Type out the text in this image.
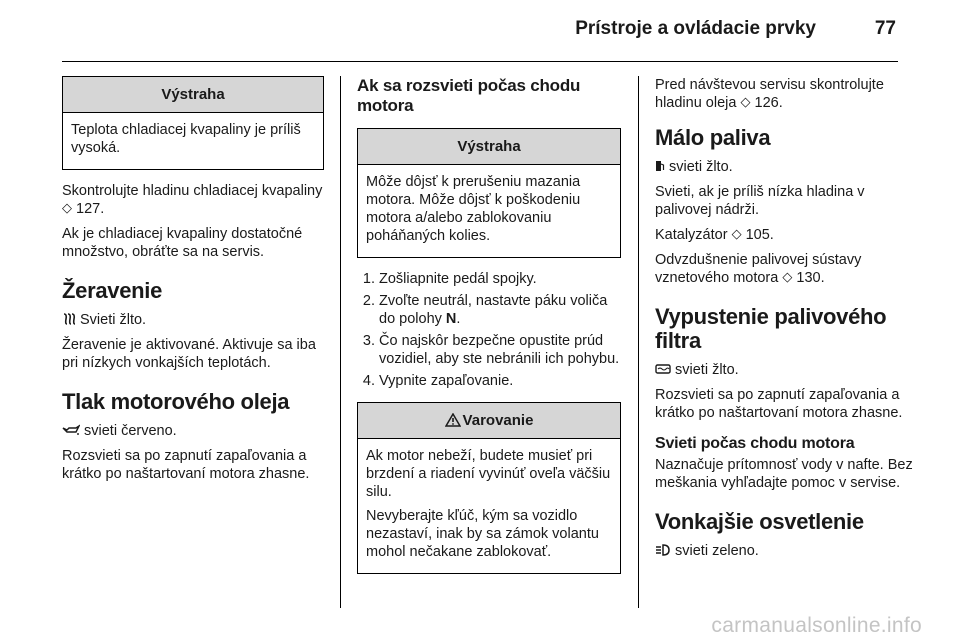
Prístroje a ovládacie prvky	77
Výstraha

Teplota chladiacej kvapaliny je príliš vysoká.

Skontrolujte hladinu chladiacej kvapaliny ◇ 127.

Ak je chladiacej kvapaliny dostatočné množstvo, obráťte sa na servis.

Žeravenie

Svieti žlto.

Žeravenie je aktivované. Aktivuje sa iba pri nízkych vonkajších teplotách.

Tlak motorového oleja

svieti červeno.

Rozsvieti sa po zapnutí zapaľovania a krátko po naštartovaní motora zhasne.

Ak sa rozsvieti počas chodu motora
Výstraha

Môže dôjsť k prerušeniu mazania motora. Môže dôjsť k poškodeniu motora a/alebo zablokovaniu poháňaných kolies.

1. Zošliapnite pedál spojky.
2. Zvoľte neutrál, nastavte páku voliča do polohy N.
3. Čo najskôr bezpečne opustite prúd vozidiel, aby ste nebránili ich pohybu.
4. Vypnite zapaľovanie.
Varovanie

Ak motor nebeží, budete musieť pri brzdení a riadení vyvinúť oveľa väčšiu silu.

Nevyberajte kľúč, kým sa vozidlo nezastaví, inak by sa zámok volantu mohol nečakane zablokovať.

Pred návštevou servisu skontrolujte hladinu oleja ◇ 126.

Málo paliva

svieti žlto.

Svieti, ak je príliš nízka hladina v palivovej nádrži.

Katalyzátor ◇ 105.

Odvzdušnenie palivovej sústavy vznetového motora ◇ 130.

Vypustenie palivového filtra

svieti žlto.

Rozsvieti sa po zapnutí zapaľovania a krátko po naštartovaní motora zhasne.

Svieti počas chodu motora

Naznačuje prítomnosť vody v nafte. Bez meškania vyhľadajte pomoc v servise.

Vonkajšie osvetlenie

svieti zeleno.

carmanualsonline.info
